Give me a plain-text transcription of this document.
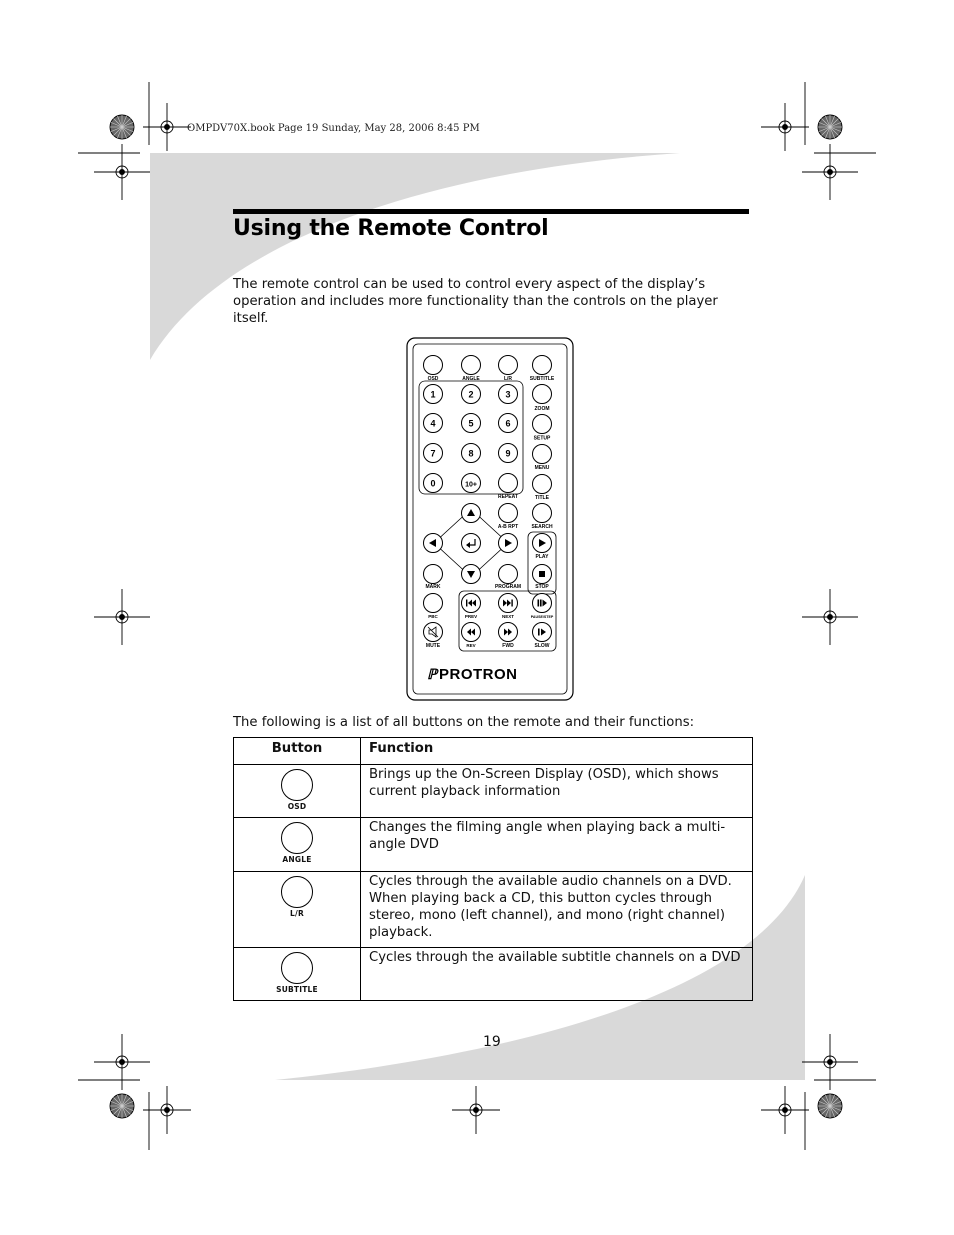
OMPDV70X.book Page 19 Sunday, May 28, 2006 8:45 PM
Using the Remote Control

The remote control can be used to control every aspect of the display’s operation and includes more functionality than the controls on the player itself.

OSD	ANGLE	L/R	SUBTITLE
1	2	3
4	5	6
7	8	9
0	10+
ZOOM
SETUP
MENU
TITLE
REPEAT
A-B RPT	SEARCH
PLAY
STOP
MARK	PROGRAM
PBC	PREV	NEXT	PAUSE/STEP
MUTE	REV	FWD	SLOW
ℙ PROTRON

The following is a list of all buttons on the remote and their functions:

Button	Function

OSD	Brings up the On-Screen Display (OSD), which shows current playback information

ANGLE	Changes the filming angle when playing back a multi-angle DVD

L/R	Cycles through the available audio channels on a DVD. When playing back a CD, this button cycles through stereo, mono (left channel), and mono (right channel) playback.

SUBTITLE	Cycles through the available subtitle channels on a DVD
19
